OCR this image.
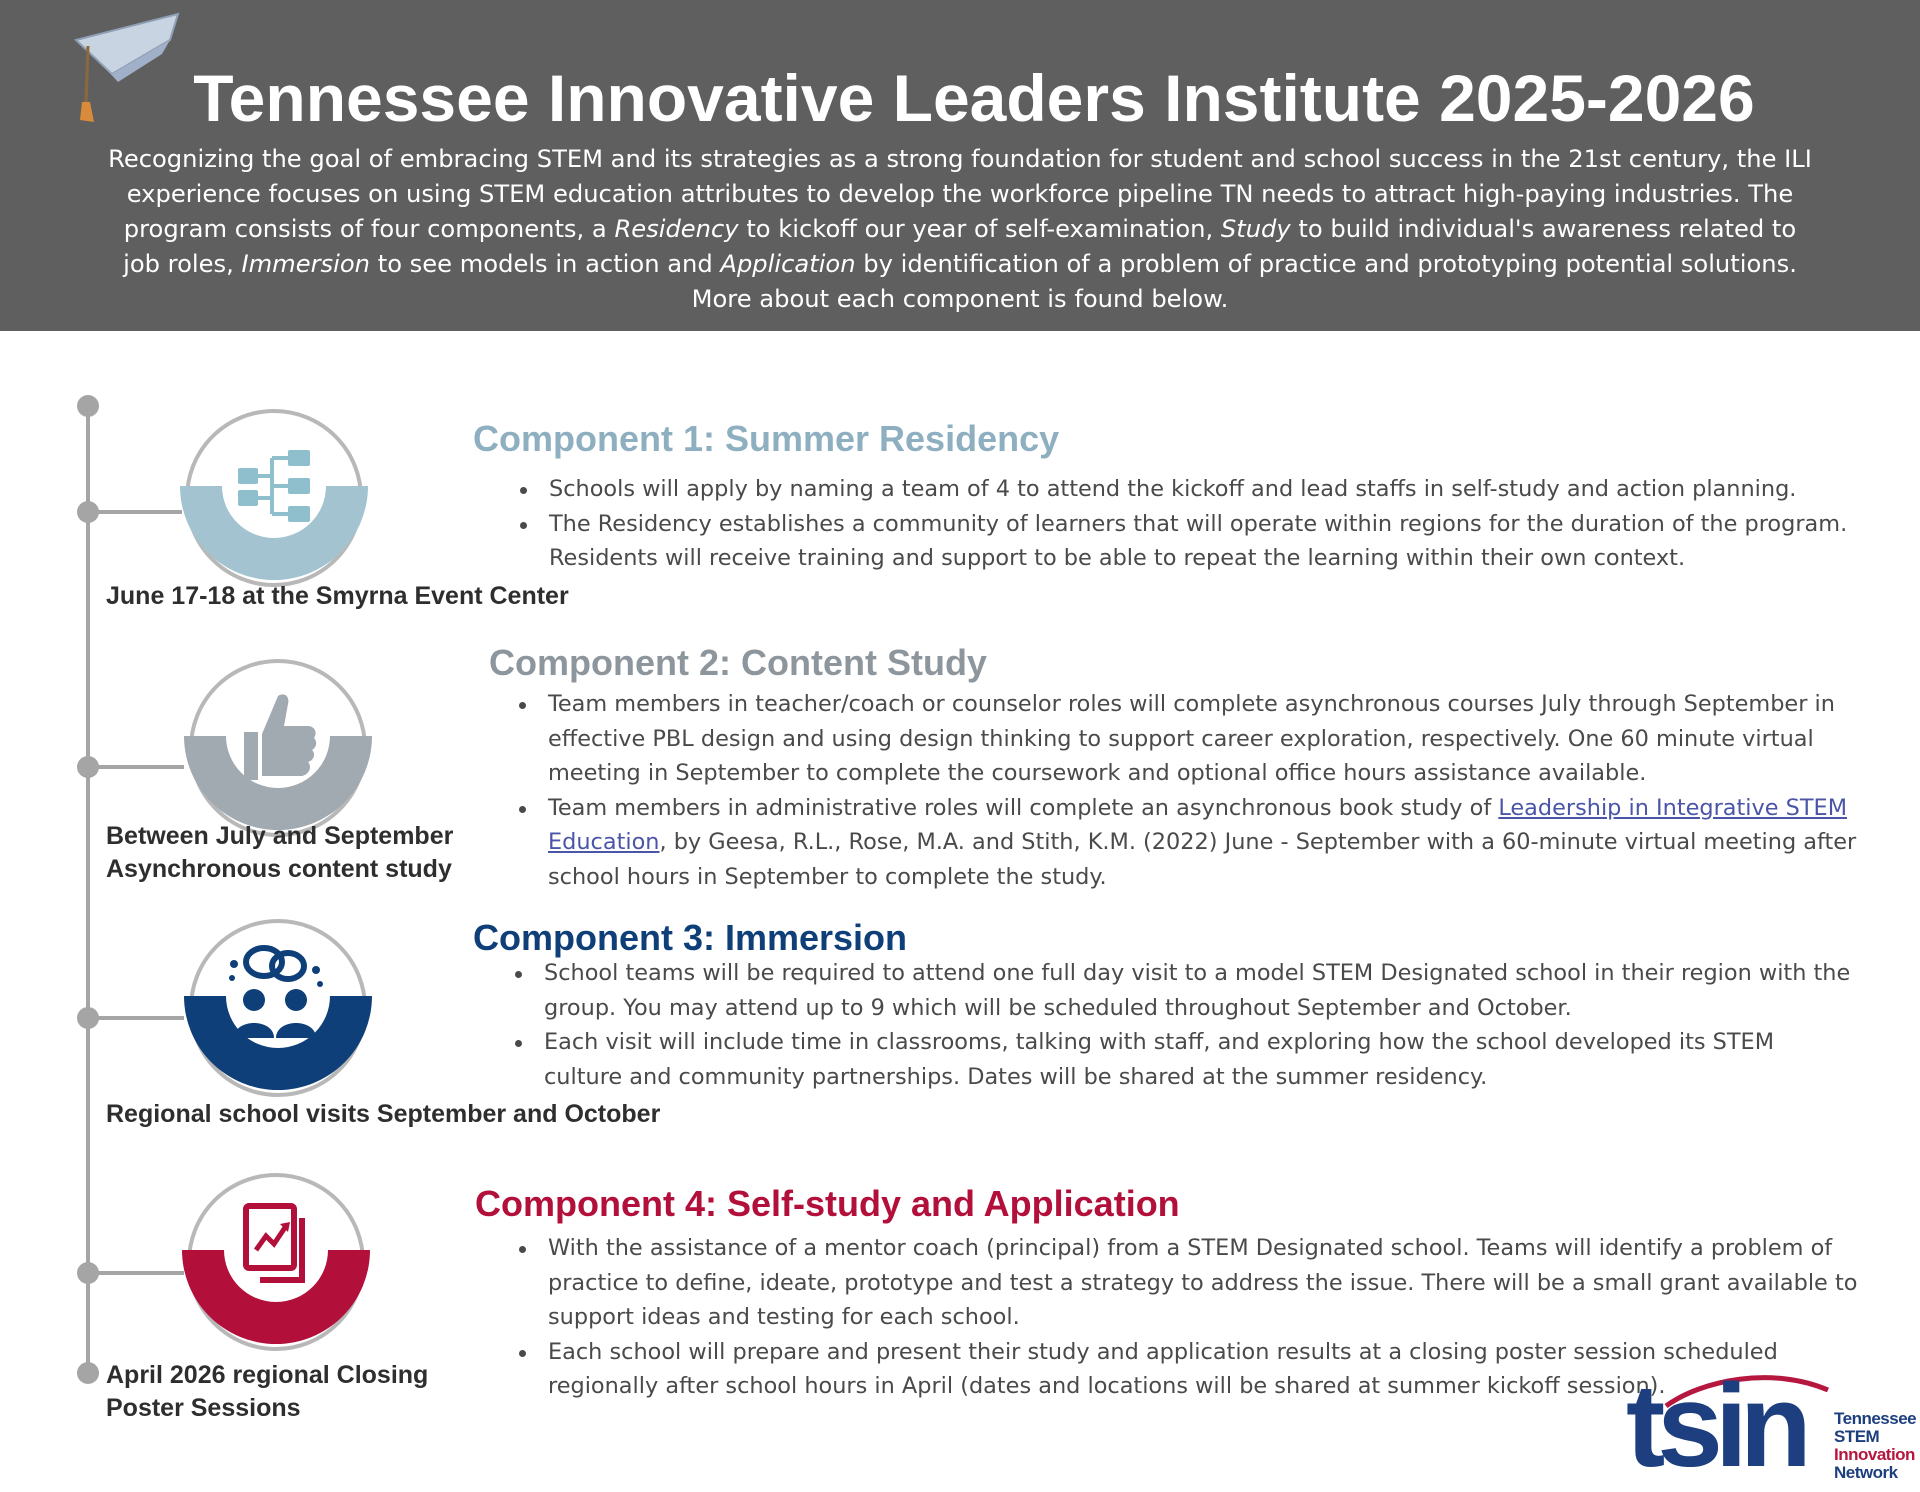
Tennessee Innovative Leaders Institute 2025-2026

Recognizing the goal of embracing STEM and its strategies as a strong foundation for student and school success in the 21st century, the ILI
experience focuses on using STEM education attributes to develop the workforce pipeline TN needs to attract high-paying industries. The
program consists of four components, a Residency to kickoff our year of self-examination, Study to build individual's awareness related to
job roles, Immersion to see models in action and Application by identification of a problem of practice and prototyping potential solutions.
More about each component is found below.

June 17-18 at the Smyrna Event Center

Between July and September
Asynchronous content study

Regional school visits September and October

April 2026 regional Closing
Poster Sessions

Component 1: Summer Residency
Schools will apply by naming a team of 4 to attend the kickoff and lead staffs in self-study and action planning.
The Residency establishes a community of learners that will operate within regions for the duration of the program.
Residents will receive training and support to be able to repeat the learning within their own context.
Component 2: Content Study
Team members in teacher/coach or counselor roles will complete asynchronous courses July through September in
effective PBL design and using design thinking to support career exploration, respectively. One 60 minute virtual
meeting in September to complete the coursework and optional office hours assistance available.
Team members in administrative roles will complete an asynchronous book study of Leadership in Integrative STEM
Education, by Geesa, R.L., Rose, M.A. and Stith, K.M. (2022) June - September with a 60-minute virtual meeting after
school hours in September to complete the study.
Component 3: Immersion
School teams will be required to attend one full day visit to a model STEM Designated school in their region with the
group. You may attend up to 9 which will be scheduled throughout September and October.
Each visit will include time in classrooms, talking with staff, and exploring how the school developed its STEM
culture and community partnerships. Dates will be shared at the summer residency.
Component 4: Self-study and Application
With the assistance of a mentor coach (principal) from a STEM Designated school. Teams will identify a problem of
practice to define, ideate, prototype and test a strategy to address the issue. There will be a small grant available to
support ideas and testing for each school.
Each school will prepare and present their study and application results at a closing poster session scheduled
regionally after school hours in April (dates and locations will be shared at summer kickoff session).
tsin Tennessee
STEM
Innovation
Network
